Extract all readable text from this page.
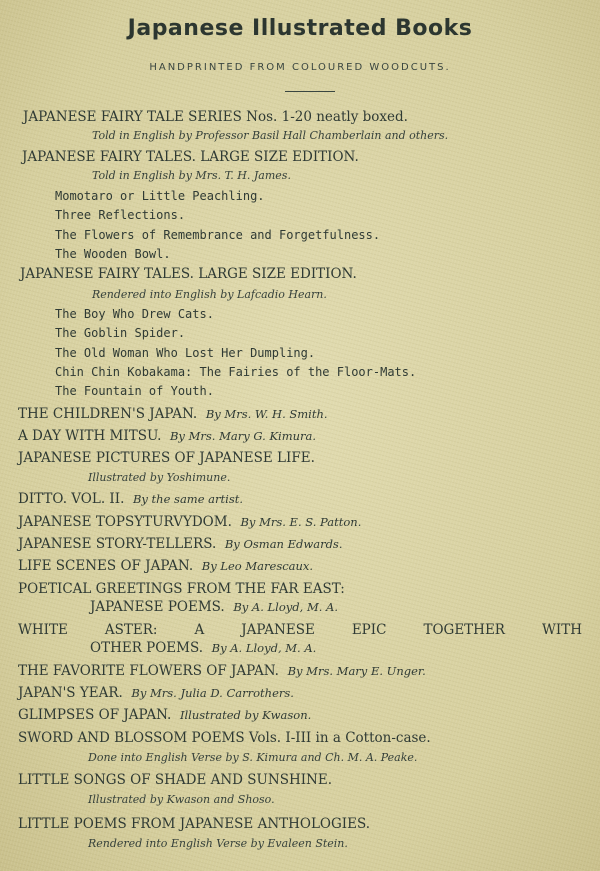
Japanese Illustrated Books
HANDPRINTED FROM COLOURED WOODCUTS.
JAPANESE FAIRY TALE SERIES Nos. 1-20 neatly boxed.
Told in English by Professor Basil Hall Chamberlain and others.
JAPANESE FAIRY TALES. LARGE SIZE EDITION.
Told in English by Mrs. T. H. James.
Momotaro or Little Peachling.
Three Reflections.
The Flowers of Remembrance and Forgetfulness.
The Wooden Bowl.
JAPANESE FAIRY TALES. LARGE SIZE EDITION.
Rendered into English by Lafcadio Hearn.
The Boy Who Drew Cats.
The Goblin Spider.
The Old Woman Who Lost Her Dumpling.
Chin Chin Kobakama: The Fairies of the Floor-Mats.
The Fountain of Youth.
THE CHILDREN'S JAPAN. By Mrs. W. H. Smith.
A DAY WITH MITSU. By Mrs. Mary G. Kimura.
JAPANESE PICTURES OF JAPANESE LIFE.
Illustrated by Yoshimune.
DITTO. VOL. II. By the same artist.
JAPANESE TOPSYTURVYDOM. By Mrs. E. S. Patton.
JAPANESE STORY-TELLERS. By Osman Edwards.
LIFE SCENES OF JAPAN. By Leo Marescaux.
POETICAL GREETINGS FROM THE FAR EAST:
JAPANESE POEMS. By A. Lloyd, M. A.
WHITE ASTER: A JAPANESE EPIC TOGETHER WITH
OTHER POEMS. By A. Lloyd, M. A.
THE FAVORITE FLOWERS OF JAPAN. By Mrs. Mary E. Unger.
JAPAN'S YEAR. By Mrs. Julia D. Carrothers.
GLIMPSES OF JAPAN. Illustrated by Kwason.
SWORD AND BLOSSOM POEMS Vols. I-III in a Cotton-case.
Done into English Verse by S. Kimura and Ch. M. A. Peake.
LITTLE SONGS OF SHADE AND SUNSHINE.
Illustrated by Kwason and Shoso.
LITTLE POEMS FROM JAPANESE ANTHOLOGIES.
Rendered into English Verse by Evaleen Stein.
